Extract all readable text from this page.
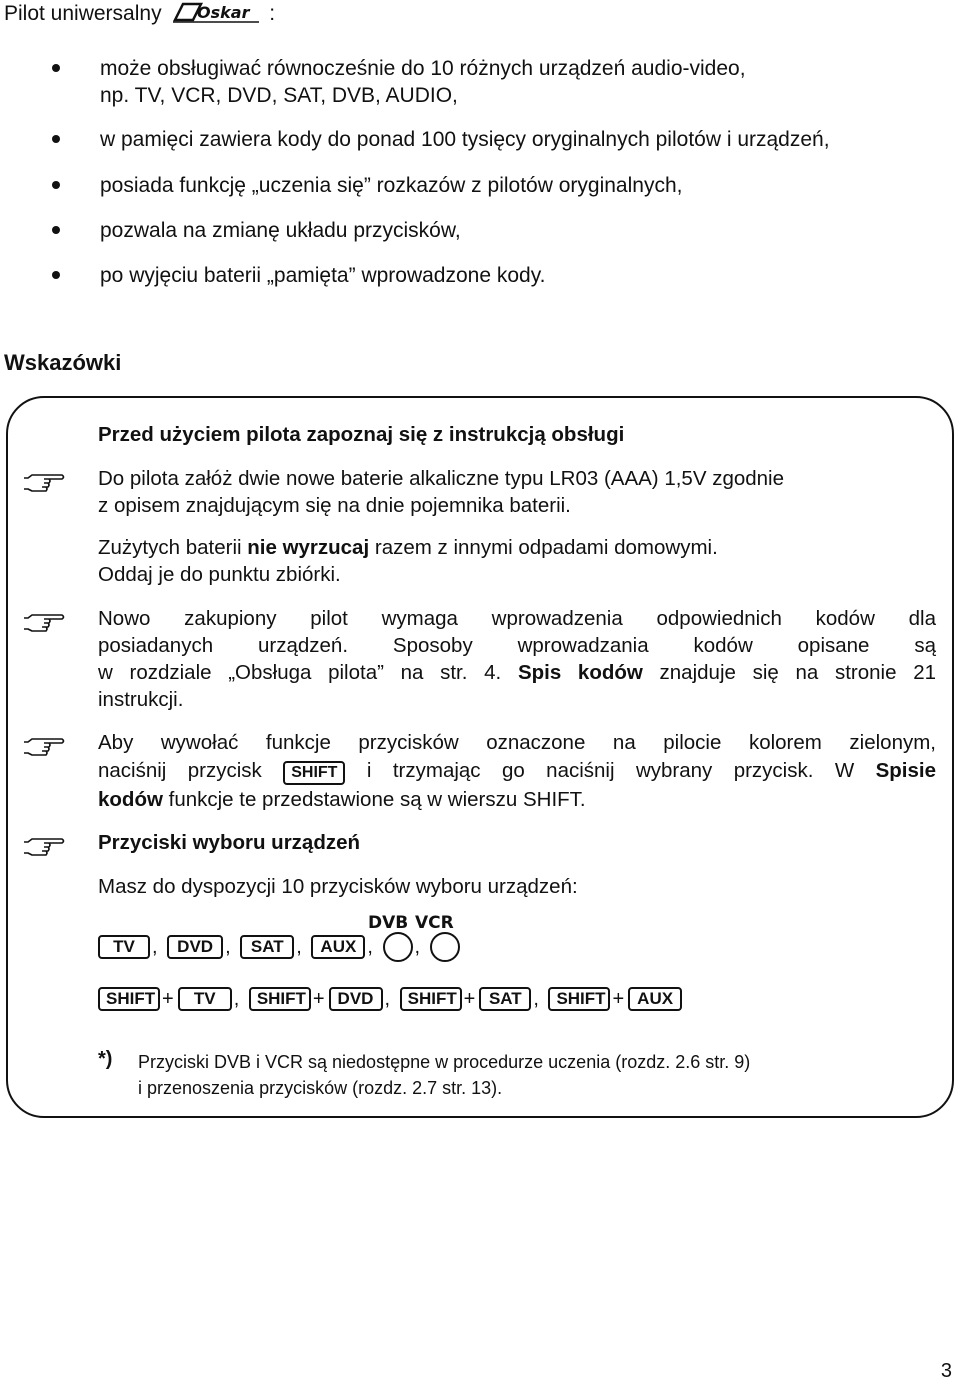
Pilot uniwersalny Oskar :
może obsługiwać równocześnie do 10 różnych urządzeń audio-video,
np. TV, VCR, DVD, SAT, DVB, AUDIO,
w pamięci zawiera kody do ponad 100 tysięcy oryginalnych pilotów i urządzeń,
posiada funkcję „uczenia się” rozkazów z pilotów oryginalnych,
pozwala na zmianę układu przycisków,
po wyjęciu baterii „pamięta” wprowadzone kody.
Wskazówki
Przed użyciem pilota zapoznaj się z instrukcją obsługi
Do pilota załóż dwie nowe baterie alkaliczne typu LR03 (AAA) 1,5V zgodnie
z opisem znajdującym się na dnie pojemnika baterii.
Zużytych baterii nie wyrzucaj razem z innymi odpadami domowymi.
Oddaj je do punktu zbiórki.
Nowo zakupiony pilot wymaga wprowadzenia odpowiednich kodów dla
posiadanych urządzeń. Sposoby wprowadzania kodów opisane są
w rozdziale „Obsługa pilota” na str. 4. Spis kodów znajduje się na stronie 21
instrukcji.
Aby wywołać funkcje przycisków oznaczone na pilocie kolorem zielonym,
naciśnij przycisk SHIFT i trzymając go naciśnij wybrany przycisk. W Spisie
kodów funkcje te przedstawione są w wierszu SHIFT.
Przyciski wyboru urządzeń
Masz do dyspozycji 10 przycisków wyboru urządzeń:
DVB VCR
TV , DVD , SAT , AUX , ,
SHIFT + TV , SHIFT + DVD , SHIFT + SAT , SHIFT + AUX
*) Przyciski DVB i VCR są niedostępne w procedurze uczenia (rozdz. 2.6 str. 9)
i przenoszenia przycisków (rozdz. 2.7 str. 13).
3
